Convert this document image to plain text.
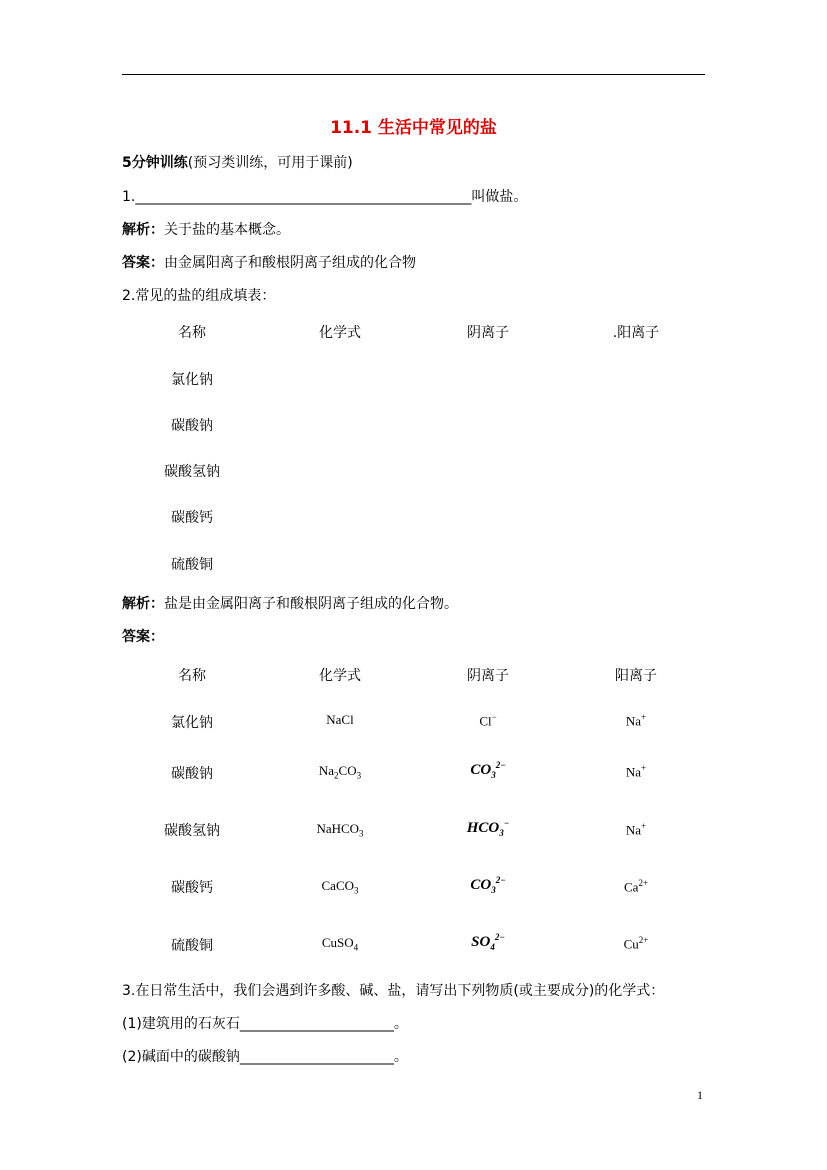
11.1 生活中常见的盐
5分钟训练(预习类训练，可用于课前)
1.________________________________________________叫做盐。
解析：关于盐的基本概念。
答案：由金属阳离子和酸根阴离子组成的化合物
2.常见的盐的组成填表：
名称	化学式	阴离子	.阳离子
氯化钠
碳酸钠
碳酸氢钠
碳酸钙
硫酸铜
解析：盐是由金属阳离子和酸根阴离子组成的化合物。
答案：
名称	化学式	阴离子	阳离子
氯化钠	NaCl	Cl−	Na+
碳酸钠	$Na_2CO_3$	$CO_3^{2-}$	Na+
碳酸氢钠	NaHCO$_3$	$HCO_3^-$	Na+
碳酸钙	CaCO$_3$	$CO_3^{2-}$	$Ca^{2+}$
硫酸铜	CuSO$_4$	$SO_4^{2-}$	$Cu^{2+}$
3.在日常生活中，我们会遇到许多酸、碱、盐，请写出下列物质(或主要成分)的化学式：
(1)建筑用的石灰石______________________。
(2)碱面中的碳酸钠______________________。
1
